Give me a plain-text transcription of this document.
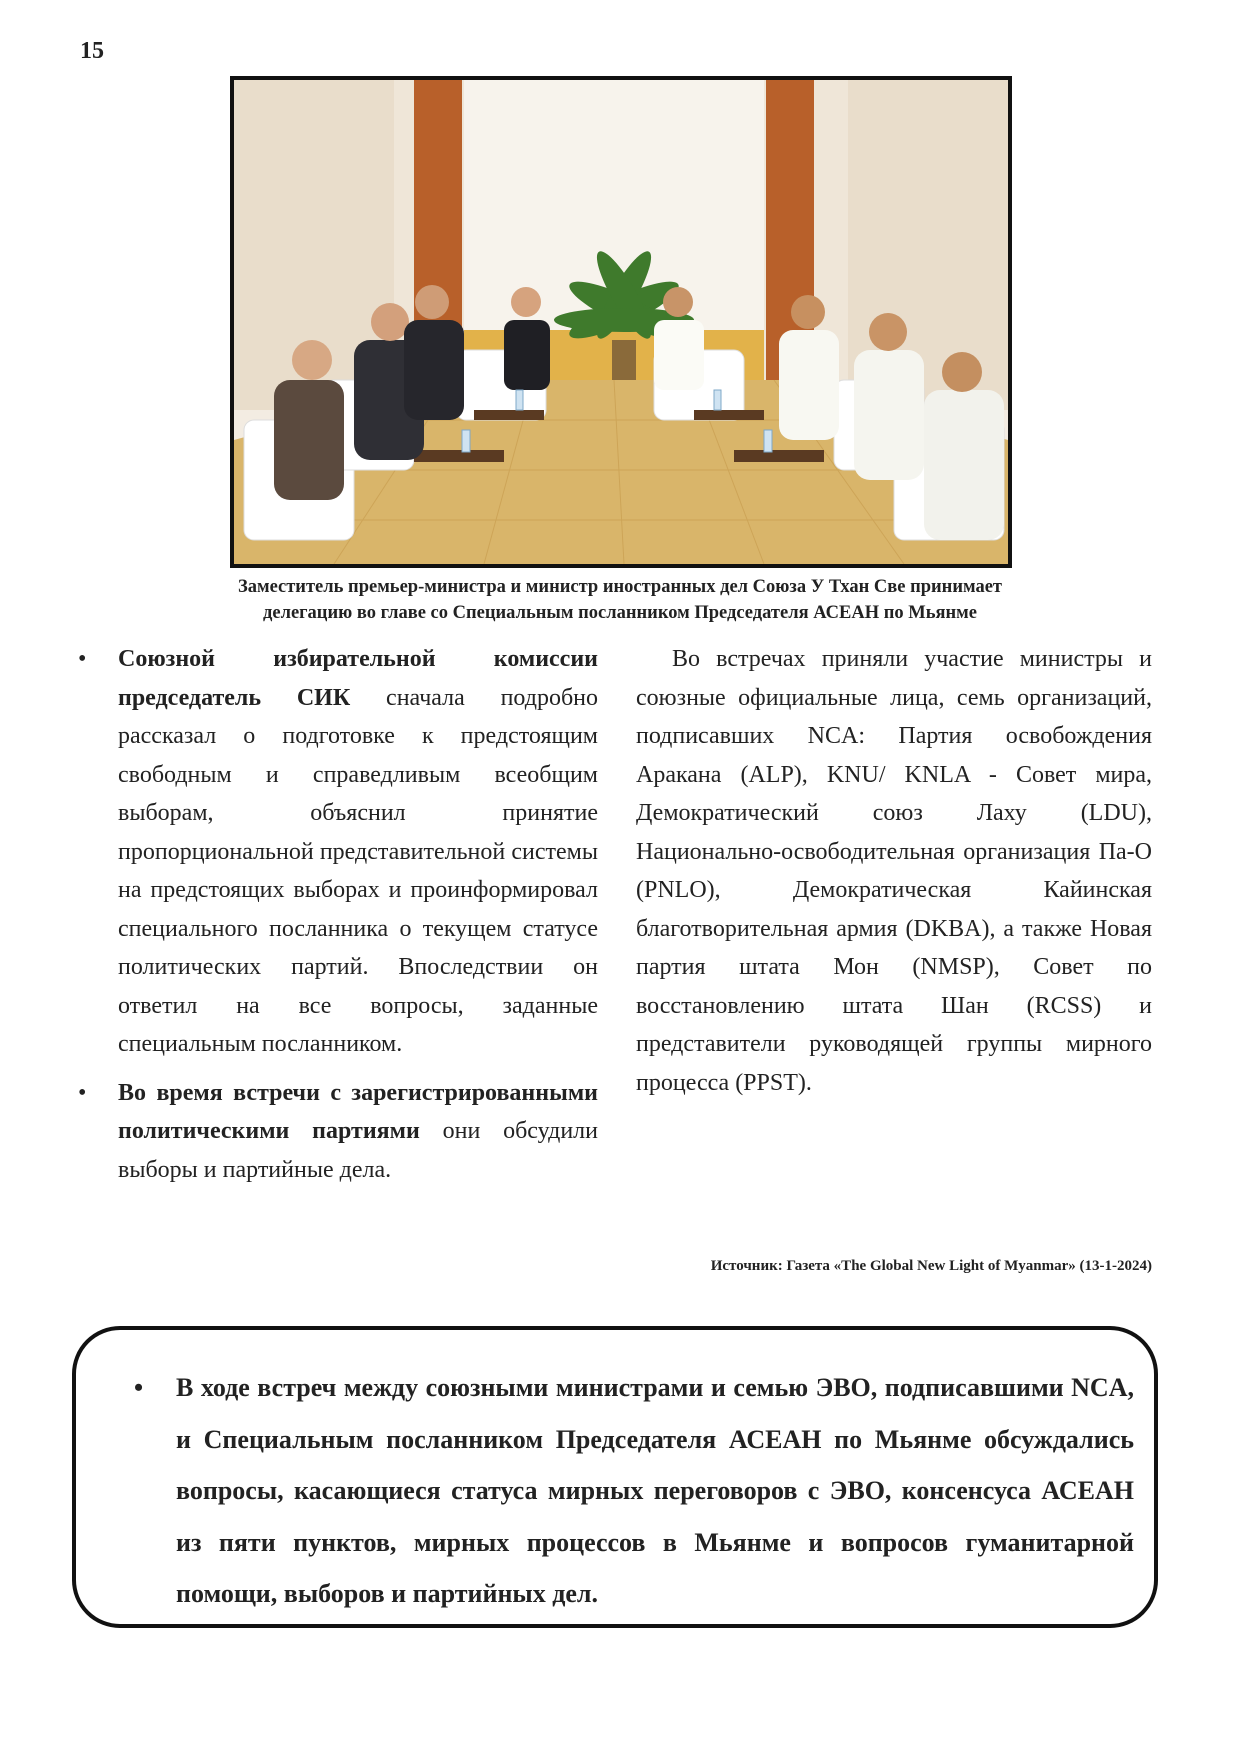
15
Заместитель премьер-министра и министр иностранных дел Союза У Тхан Све принимает
делегацию во главе со Специальным посланником Председателя АСЕАН по Мьянме
• Союзной избирательной комиссии председатель СИК сначала подробно рассказал о подготовке к предстоящим свободным и справедливым всеобщим выборам, объяснил принятие пропорциональной представительной системы на предстоящих выборах и проинформировал специального посланника о текущем статусе политических партий. Впоследствии он ответил на все вопросы, заданные специальным посланником.
• Во время встречи с зарегистрированными политическими партиями они обсудили выборы и партийные дела.

Во встречах приняли участие министры и союзные официальные лица, семь организаций, подписавших NCA: Партия освобождения Аракана (ALP), KNU/ KNLA - Совет мира, Демократический союз Лаху (LDU), Национально-освободительная организация Па-О (PNLO), Демократическая Кайинская благотворительная армия (DKBA), а также Новая партия штата Мон (NMSP), Совет по восстановлению штата Шан (RCSS) и представители руководящей группы мирного процесса (PPST).

Источник: Газета «The Global New Light of Myanmar» (13-1-2024)
• В ходе встреч между союзными министрами и семью ЭВО, подписавшими NCA, и Специальным посланником Председателя АСЕАН по Мьянме обсуждались вопросы, касающиеся статуса мирных переговоров с ЭВО, консенсуса АСЕАН из пяти пунктов, мирных процессов в Мьянме и вопросов гуманитарной помощи, выборов и партийных дел.
